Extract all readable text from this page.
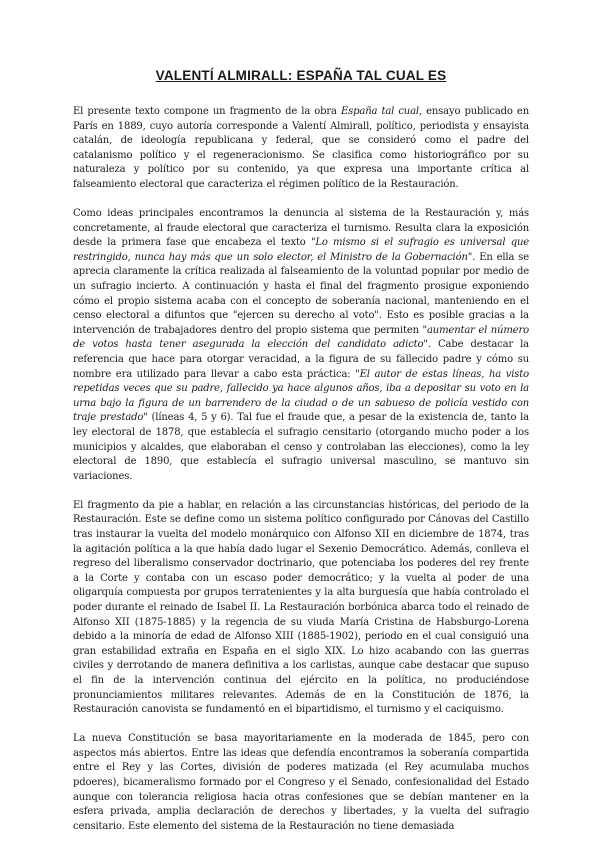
VALENTÍ ALMIRALL: ESPAÑA TAL CUAL ES

El presente texto compone un fragmento de la obra España tal cual, ensayo publicado en París en 1889, cuyo autoría corresponde a Valentí Almirall, político, periodista y ensayista catalán, de ideología republicana y federal, que se consideró como el padre del catalanismo político y el regeneracionismo. Se clasifica como historiográfico por su naturaleza y político por su contenido, ya que expresa una importante crítica al falseamiento electoral que caracteriza el régimen político de la Restauración.

Como ideas principales encontramos la denuncia al sistema de la Restauración y, más concretamente, al fraude electoral que caracteriza el turnismo. Resulta clara la exposición desde la primera fase que encabeza el texto "Lo mismo si el sufragio es universal que restringido, nunca hay más que un solo elector, el Ministro de la Gobernación". En ella se aprecia claramente la crítica realizada al falseamiento de la voluntad popular por medio de un sufragio incierto. A continuación y hasta el final del fragmento prosigue exponiendo cómo el propio sistema acaba con el concepto de soberanía nacional, manteniendo en el censo electoral a difuntos que "ejercen su derecho al voto". Esto es posible gracias a la intervención de trabajadores dentro del propio sistema que permiten "aumentar el número de votos hasta tener asegurada la elección del candidato adicto". Cabe destacar la referencia que hace para otorgar veracidad, a la figura de su fallecido padre y cómo su nombre era utilizado para llevar a cabo esta práctica: "El autor de estas líneas, ha visto repetidas veces que su padre, fallecido ya hace algunos años, iba a depositar su voto en la urna bajo la figura de un barrendero de la ciudad o de un sabueso de policía vestido con traje prestado" (líneas 4, 5 y 6). Tal fue el fraude que, a pesar de la existencia de, tanto la ley electoral de 1878, que establecía el sufragio censitario (otorgando mucho poder a los municipios y alcaldes, que elaboraban el censo y controlaban las elecciones), como la ley electoral de 1890, que establecía el sufragio universal masculino, se mantuvo sin variaciones.

El fragmento da pie a hablar, en relación a las circunstancias históricas, del periodo de la Restauración. Este se define como un sistema político configurado por Cánovas del Castillo tras instaurar la vuelta del modelo monárquico con Alfonso XII en diciembre de 1874, tras la agitación política a la que había dado lugar el Sexenio Democrático. Además, conlleva el regreso del liberalismo conservador doctrinario, que potenciaba los poderes del rey frente a la Corte y contaba con un escaso poder democrático; y la vuelta al poder de una oligarquía compuesta por grupos terratenientes y la alta burguesía que había controlado el poder durante el reinado de Isabel II. La Restauración borbónica abarca todo el reinado de Alfonso XII (1875-1885) y la regencia de su viuda María Cristina de Habsburgo-Lorena debido a la minoría de edad de Alfonso XIII (1885-1902), periodo en el cual consiguió una gran estabilidad extraña en España en el siglo XIX. Lo hizo acabando con las guerras civiles y derrotando de manera definitiva a los carlistas, aunque cabe destacar que supuso el fin de la intervención continua del ejército en la política, no produciéndose pronunciamientos militares relevantes. Además de en la Constitución de 1876, la Restauración canovista se fundamentó en el bipartidismo, el turnismo y el caciquismo.

La nueva Constitución se basa mayoritariamente en la moderada de 1845, pero con aspectos más abiertos. Entre las ideas que defendía encontramos la soberanía compartida entre el Rey y las Cortes, división de poderes matizada (el Rey acumulaba muchos pdoeres), bicameralismo formado por el Congreso y el Senado, confesionalidad del Estado aunque con tolerancia religiosa hacia otras confesiones que se debían mantener en la esfera privada, amplia declaración de derechos y libertades, y la vuelta del sufragio censitario. Este elemento del sistema de la Restauración no tiene demasiada
